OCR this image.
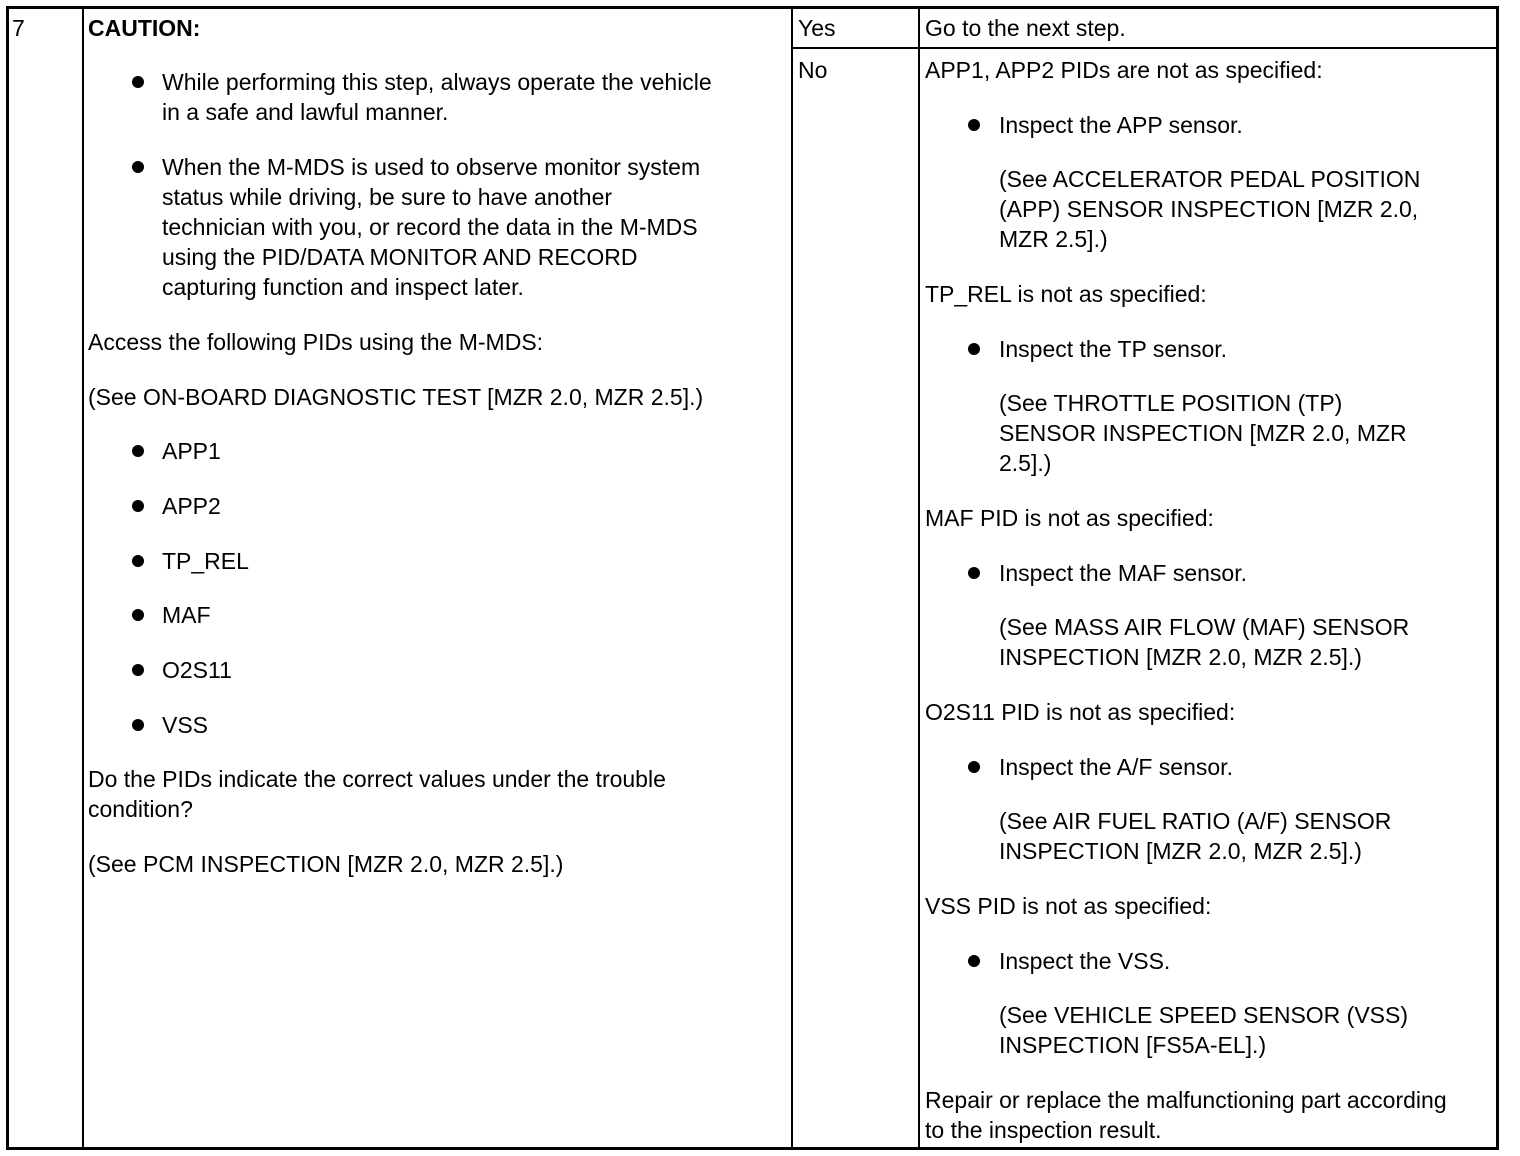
7	CAUTION:
While performing this step, always operate the vehicle
in a safe and lawful manner.
When the M-MDS is used to observe monitor system
status while driving, be sure to have another
technician with you, or record the data in the M-MDS
using the PID/DATA MONITOR AND RECORD
capturing function and inspect later.
Access the following PIDs using the M-MDS:
(See ON-BOARD DIAGNOSTIC TEST [MZR 2.0, MZR 2.5].)
APP1
APP2
TP_REL
MAF
O2S11
VSS
Do the PIDs indicate the correct values under the trouble
condition?
(See PCM INSPECTION [MZR 2.0, MZR 2.5].)
Yes
No
Go to the next step.
APP1, APP2 PIDs are not as specified:
Inspect the APP sensor.
(See ACCELERATOR PEDAL POSITION
(APP) SENSOR INSPECTION [MZR 2.0,
MZR 2.5].)
TP_REL is not as specified:
Inspect the TP sensor.
(See THROTTLE POSITION (TP)
SENSOR INSPECTION [MZR 2.0, MZR
2.5].)
MAF PID is not as specified:
Inspect the MAF sensor.
(See MASS AIR FLOW (MAF) SENSOR
INSPECTION [MZR 2.0, MZR 2.5].)
O2S11 PID is not as specified:
Inspect the A/F sensor.
(See AIR FUEL RATIO (A/F) SENSOR
INSPECTION [MZR 2.0, MZR 2.5].)
VSS PID is not as specified:
Inspect the VSS.
(See VEHICLE SPEED SENSOR (VSS)
INSPECTION [FS5A-EL].)
Repair or replace the malfunctioning part according
to the inspection result.
